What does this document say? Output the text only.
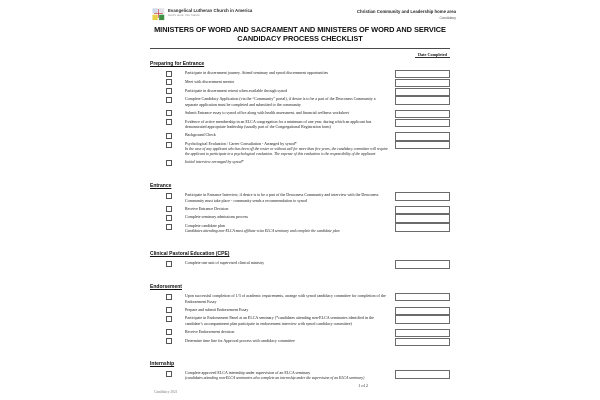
Evangelical Lutheran Church in America
God's work. Our hands.
Christian Community and Leadership home area
Candidacy
MINISTERS OF WORD AND SACRAMENT AND MINISTERS OF WORD AND SERVICE
CANDIDACY PROCESS CHECKLIST
Date Completed
Preparing for Entrance
Participate in discernment journey. Attend seminary and synod discernment opportunities
Meet with discernment mentor
Participate in discernment retreat when available through synod
Complete Candidacy Application (via the “Community” portal), if desire is to be a part of the Deaconess Community a separate application must be completed and submitted to the community
Submit Entrance essay to synod office along with health assessment, and financial wellness worksheet
Evidence of active membership in an ELCA congregation for a minimum of one year, during which an applicant has demonstrated appropriate leadership (usually part of the Congregational Registration form)
Background Check
Psychological Evaluation / Career Consultation - Arranged by synod*
In the case of any applicant who has been off the roster or without call for more than five years, the candidacy committee will require the applicant to participate in a psychological evaluation. The expense of this evaluation is the responsibility of the applicant
Initial interview arranged by synod*
Entrance
Participate in Entrance Interview, if desire is to be a part of the Deaconess Community and interview with the Deaconess Community must take place - community sends a recommendation to synod
Receive Entrance Decision
Complete seminary admissions process
Complete candidate plan
Candidates attending non-ELCA must affiliate w/an ELCA seminary and complete the candidate plan
Clinical Pastoral Education (CPE)
Complete one unit of supervised clinical ministry
Endorsement
Upon successful completion of 1/3 of academic requirements, arrange with synod candidacy committee for completion of the Endorsement Essay
Prepare and submit Endorsement Essay
Participate in Endorsement Panel at an ELCA seminary (*candidates attending non-ELCA seminaries identified in the candidate’s accompaniment plan participate in endorsement interview with synod candidacy committee)
Receive Endorsement decision
Determine time line for Approval process with candidacy committee
Internship
Complete approved ELCA internship under supervision of an ELCA seminary
(candidates attending non-ELCA seminaries also complete an internship under the supervision of an ELCA seminary)
Candidacy 2021
1 of 2
